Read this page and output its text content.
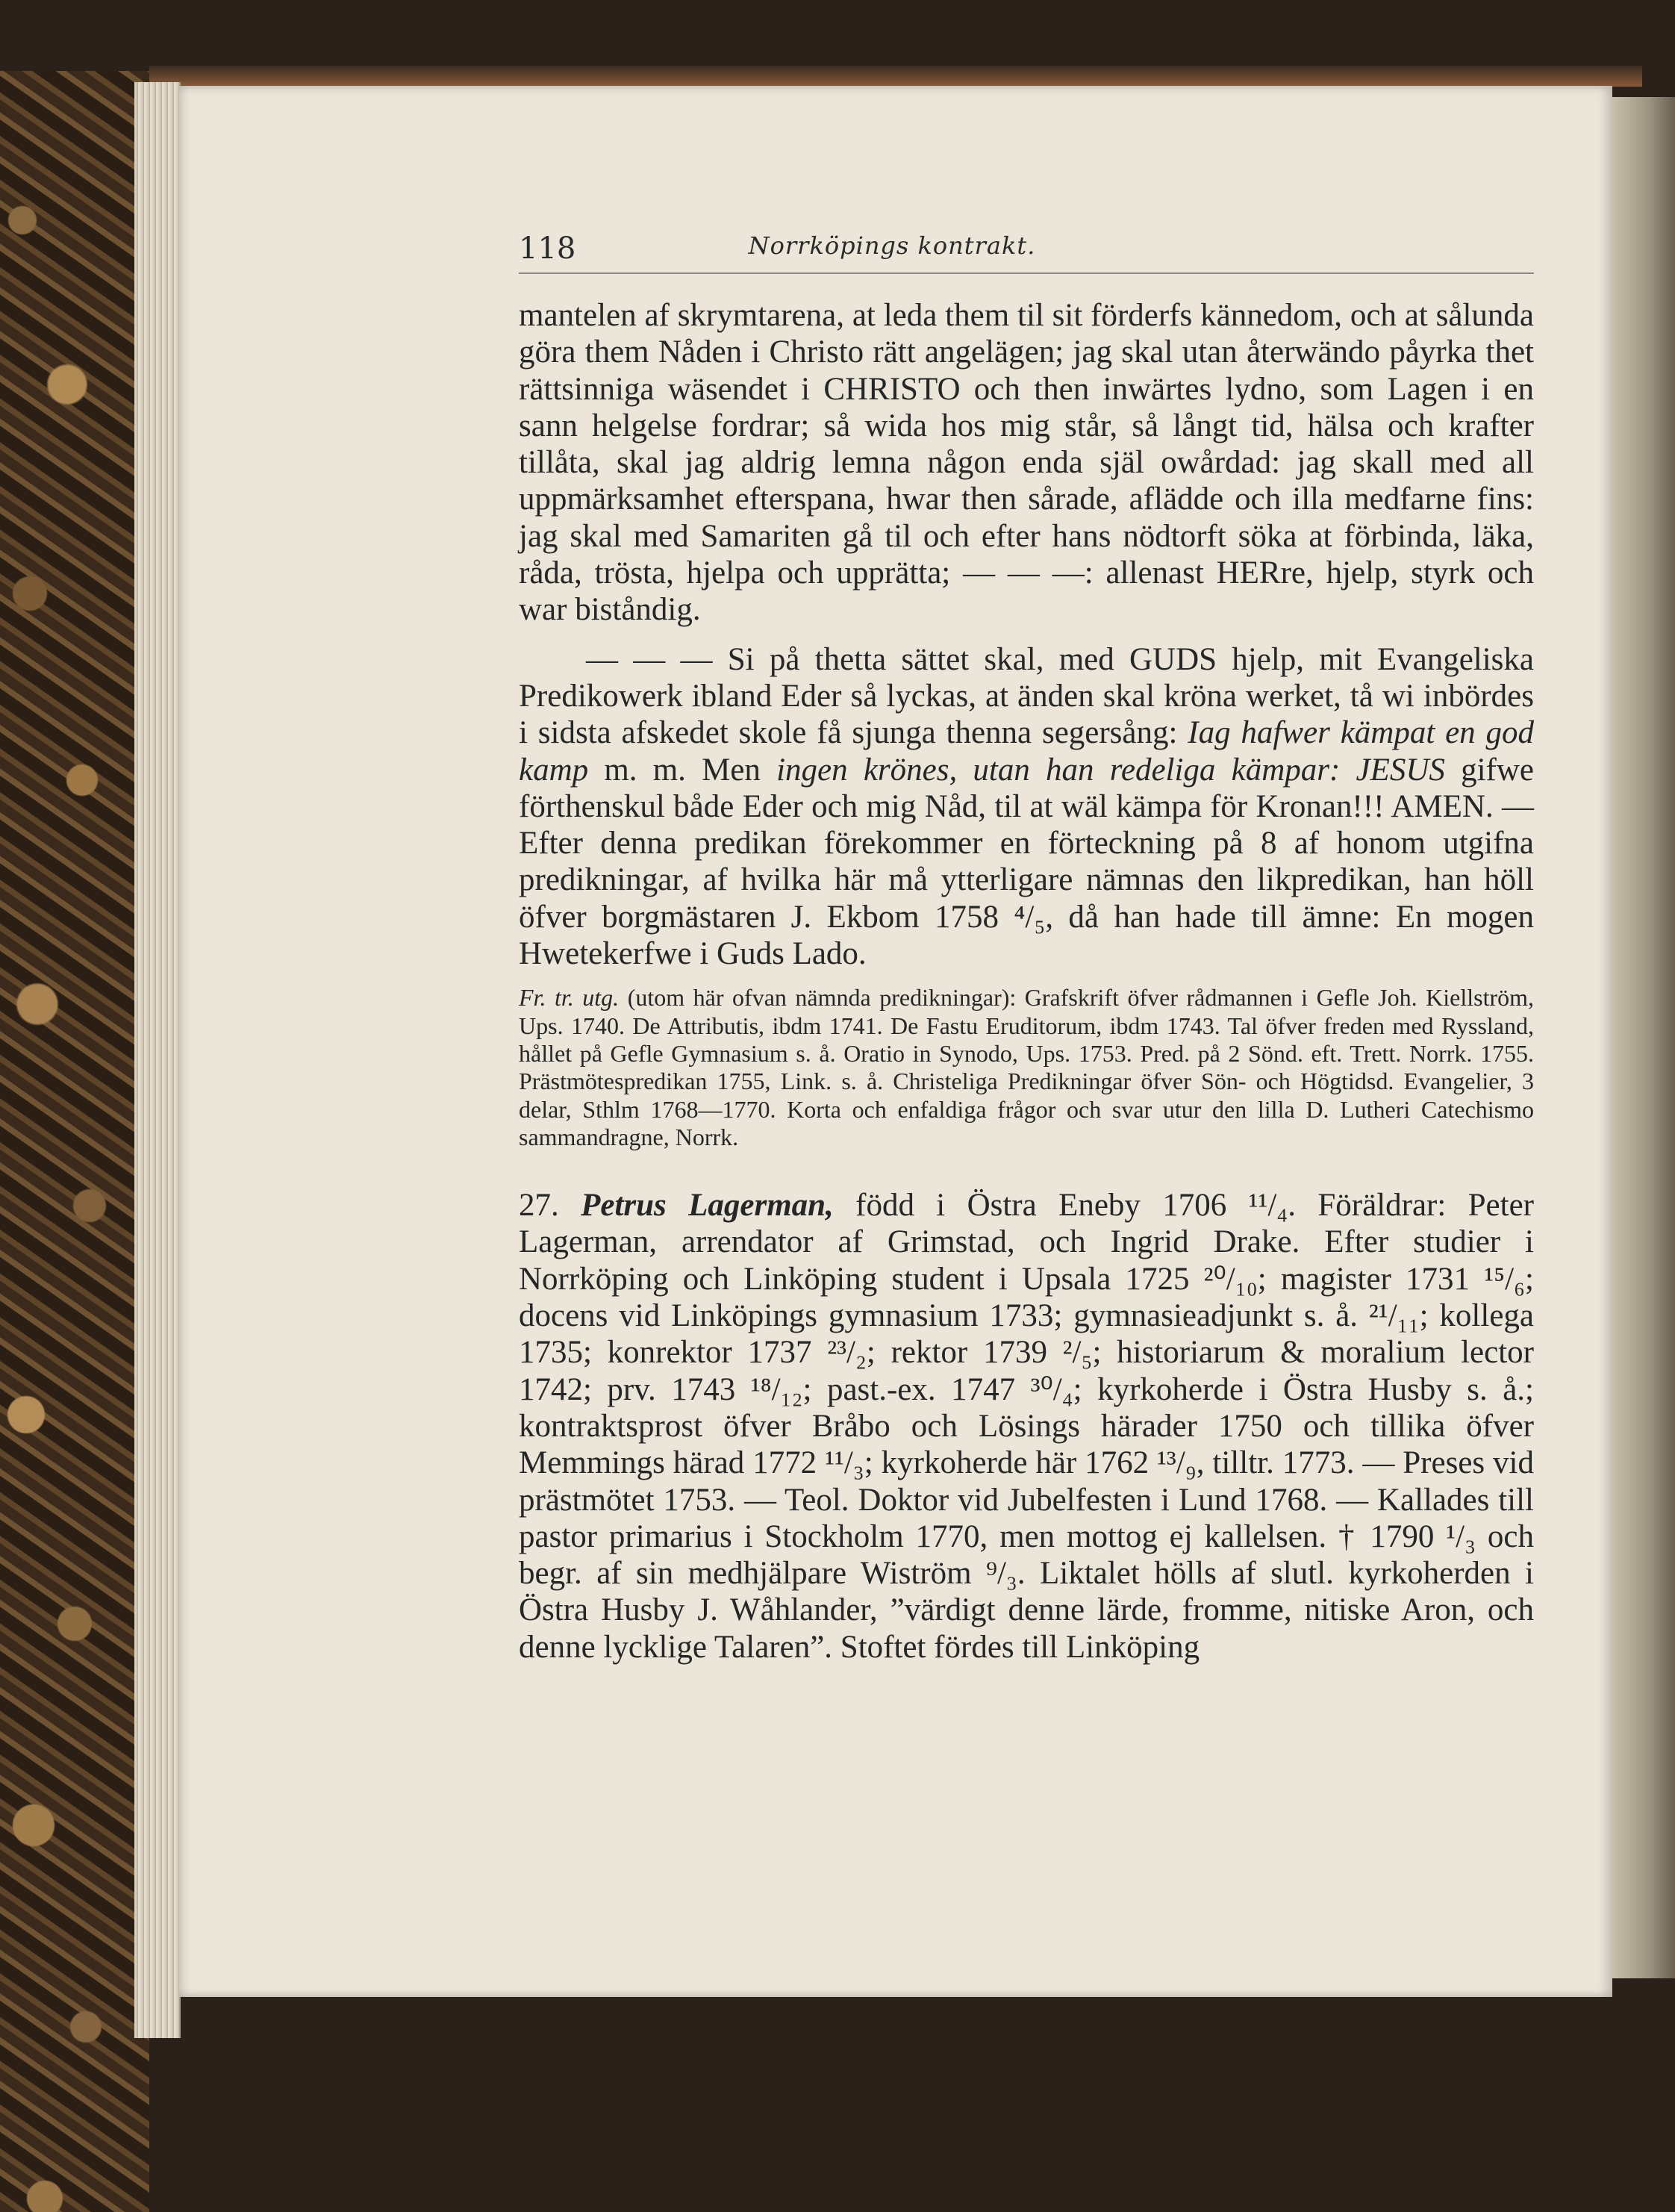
118	Norrköpings kontrakt.

mantelen af skrymtarena, at leda them til sit förderfs kännedom, och at sålunda göra them Nåden i Christo rätt angelägen; jag skal utan återwändo påyrka thet rättsinniga wäsendet i CHRISTO och then inwärtes lydno, som Lagen i en sann helgelse fordrar; så wida hos mig står, så långt tid, hälsa och krafter tillåta, skal jag aldrig lemna någon enda själ owårdad: jag skall med all uppmärksamhet efterspana, hwar then sårade, aflädde och illa medfarne fins: jag skal med Samariten gå til och efter hans nödtorft söka at förbinda, läka, råda, trösta, hjelpa och upprätta; — — —: allenast HERre, hjelp, styrk och war biståndig.

— — — Si på thetta sättet skal, med GUDS hjelp, mit Evangeliska Predikowerk ibland Eder så lyckas, at änden skal kröna werket, tå wi inbördes i sidsta afskedet skole få sjunga thenna segersång: Iag hafwer kämpat en god kamp m. m. Men ingen krönes, utan han redeliga kämpar: JESUS gifwe förthenskul både Eder och mig Nåd, til at wäl kämpa för Kronan!!! AMEN. — Efter denna predikan förekommer en förteckning på 8 af honom utgifna predikningar, af hvilka här må ytterligare nämnas den likpredikan, han höll öfver borgmästaren J. Ekbom 1758 ⁴/₅, då han hade till ämne: En mogen Hwetekerfwe i Guds Lado.

Fr. tr. utg. (utom här ofvan nämnda predikningar): Grafskrift öfver rådmannen i Gefle Joh. Kiellström, Ups. 1740. De Attributis, ibdm 1741. De Fastu Eruditorum, ibdm 1743. Tal öfver freden med Ryssland, hållet på Gefle Gymnasium s. å. Oratio in Synodo, Ups. 1753. Pred. på 2 Sönd. eft. Trett. Norrk. 1755. Prästmötespredikan 1755, Link. s. å. Christeliga Predikningar öfver Sön- och Högtidsd. Evangelier, 3 delar, Sthlm 1768—1770. Korta och enfaldiga frågor och svar utur den lilla D. Lutheri Catechismo sammandragne, Norrk.

27. Petrus Lagerman, född i Östra Eneby 1706 ¹¹/₄. Föräldrar: Peter Lagerman, arrendator af Grimstad, och Ingrid Drake. Efter studier i Norrköping och Linköping student i Upsala 1725 ²⁰/₁₀; magister 1731 ¹⁵/₆; docens vid Linköpings gymnasium 1733; gymnasieadjunkt s. å. ²¹/₁₁; kollega 1735; konrektor 1737 ²³/₂; rektor 1739 ²/₅; historiarum & moralium lector 1742; prv. 1743 ¹⁸/₁₂; past.-ex. 1747 ³⁰/₄; kyrkoherde i Östra Husby s. å.; kontraktsprost öfver Bråbo och Lösings härader 1750 och tillika öfver Memmings härad 1772 ¹¹/₃; kyrkoherde här 1762 ¹³/₉, tilltr. 1773. — Preses vid prästmötet 1753. — Teol. Doktor vid Jubelfesten i Lund 1768. — Kallades till pastor primarius i Stockholm 1770, men mottog ej kallelsen. † 1790 ¹/₃ och begr. af sin medhjälpare Wiström ⁹/₃. Liktalet hölls af slutl. kyrkoherden i Östra Husby J. Wåhlander, ”värdigt denne lärde, fromme, nitiske Aron, och denne lycklige Talaren”. Stoftet fördes till Linköping
